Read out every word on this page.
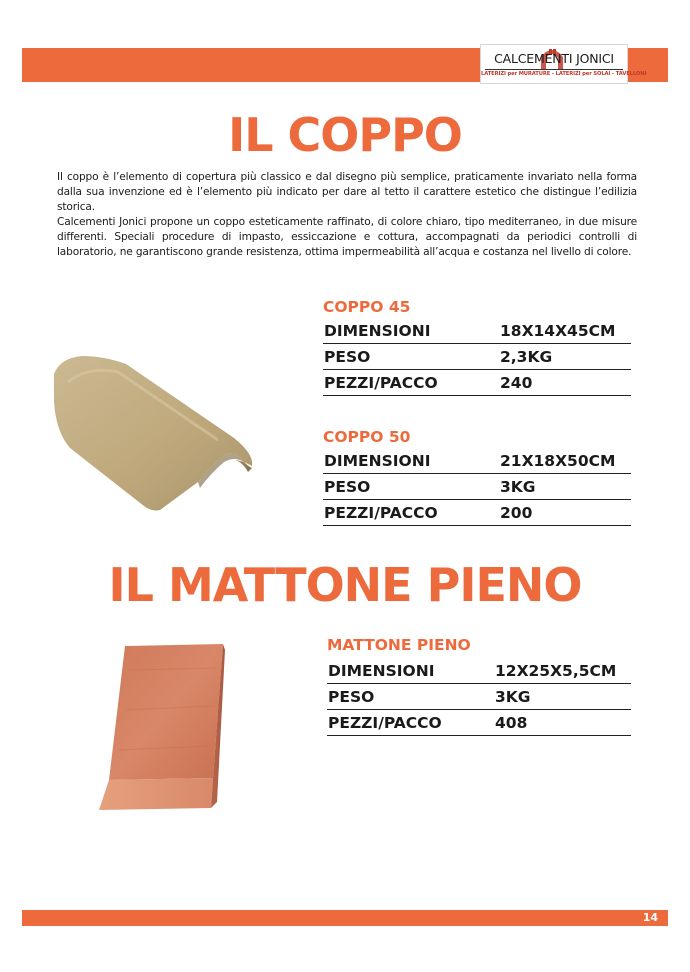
CALCEMENTI JONICI
LATERIZI per MURATURE - LATERIZI per SOLAI - TAVELLONI
IL COPPO

Il coppo è l’elemento di copertura più classico e dal disegno più semplice, praticamente invariato nella forma dalla sua invenzione ed è l’elemento più indicato per dare al tetto il carattere estetico che distingue l’edilizia storica.

Calcementi Jonici propone un coppo esteticamente raffinato, di colore chiaro, tipo mediterraneo, in due misure differenti. Speciali procedure di impasto, essiccazione e cottura, accompagnati da periodici controlli di laboratorio, ne garantiscono grande resistenza, ottima impermeabilità all’acqua e costanza nel livello di colore.

COPPO 45
DIMENSIONI	18X14X45CM
PESO	2,3KG
PEZZI/PACCO	240
COPPO 50
DIMENSIONI	21X18X50CM
PESO	3KG
PEZZI/PACCO	200
IL MATTONE PIENO
MATTONE PIENO
DIMENSIONI	12X25X5,5CM
PESO	3KG
PEZZI/PACCO	408
14
